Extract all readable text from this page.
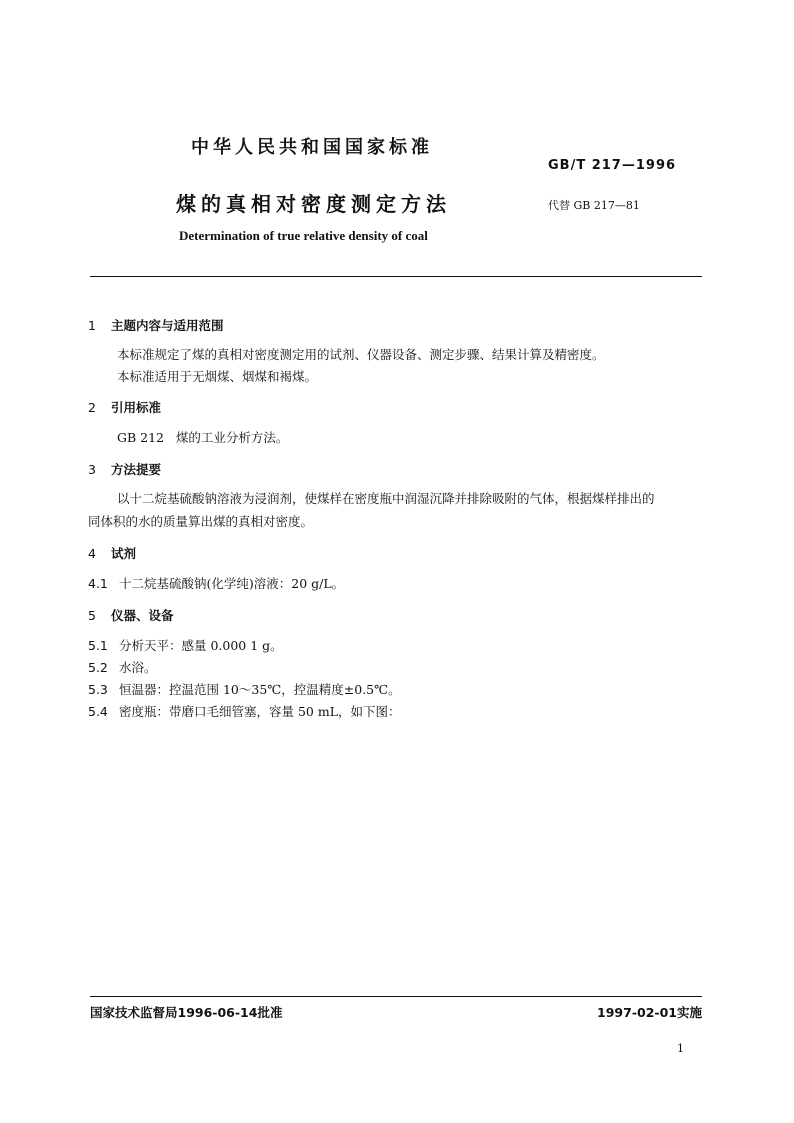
中华人民共和国国家标准
GB/T 217—1996
煤的真相对密度测定方法	代替 GB 217—81
Determination of true relative density of coal
1 主题内容与适用范围
本标准规定了煤的真相对密度测定用的试剂、仪器设备、测定步骤、结果计算及精密度。
本标准适用于无烟煤、烟煤和褐煤。
2 引用标准
GB 212   煤的工业分析方法。
3 方法提要
以十二烷基硫酸钠溶液为浸润剂，使煤样在密度瓶中润湿沉降并排除吸附的气体，根据煤样排出的
同体积的水的质量算出煤的真相对密度。
4 试剂
4.1 十二烷基硫酸钠(化学纯)溶液：20 g/L。
5 仪器、设备
5.1 分析天平：感量 0.000 1 g。
5.2 水浴。
5.3 恒温器：控温范围 10～35℃，控温精度±0.5℃。
5.4 密度瓶：带磨口毛细管塞，容量 50 mL，如下图：
国家技术监督局1996-06-14批准	1997-02-01实施
1
